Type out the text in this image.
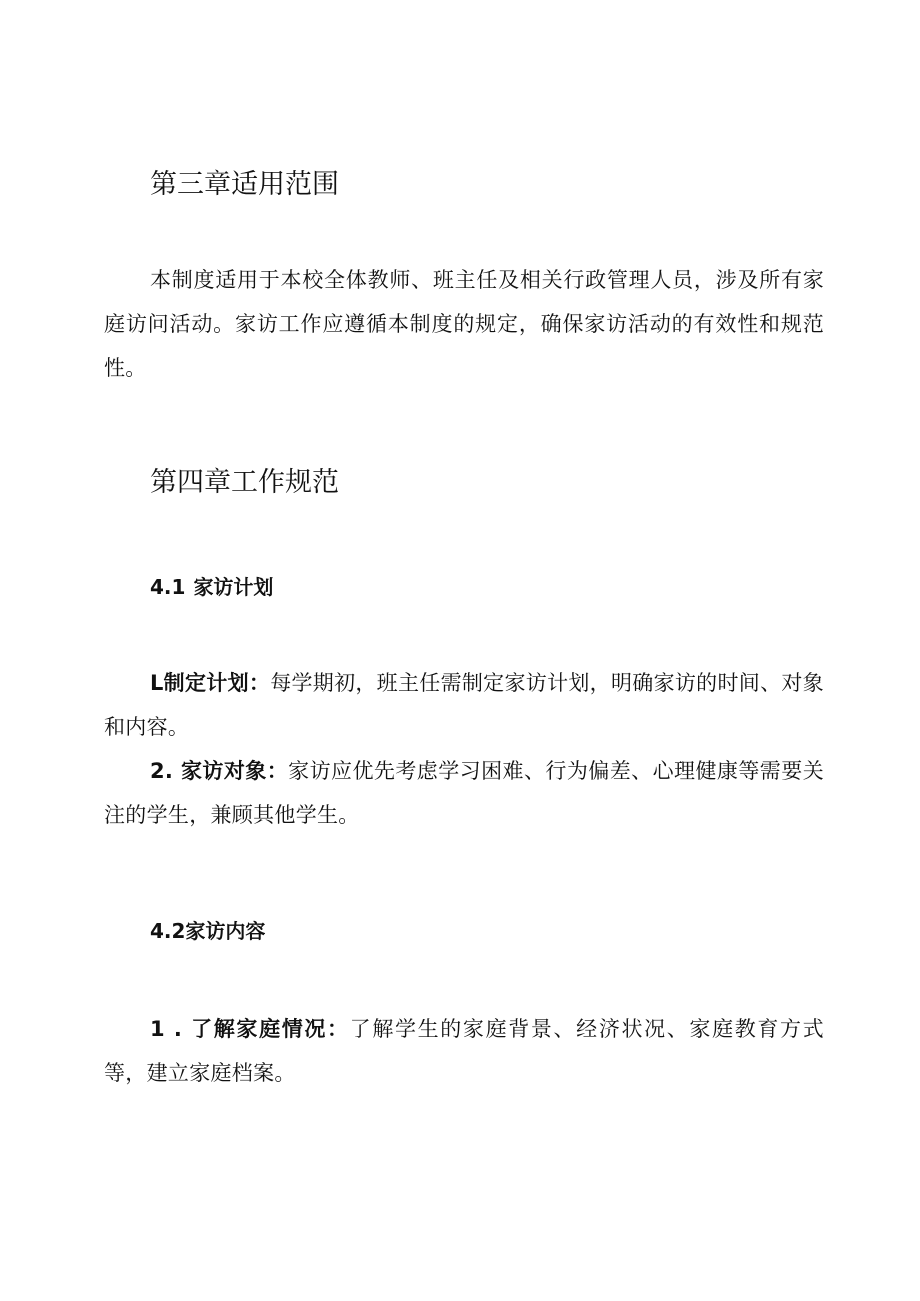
第三章适用范围

本制度适用于本校全体教师、班主任及相关行政管理人员，涉及所有家庭访问活动。家访工作应遵循本制度的规定，确保家访活动的有效性和规范性。

第四章工作规范
4.1 家访计划

L制定计划：每学期初，班主任需制定家访计划，明确家访的时间、对象和内容。

2. 家访对象：家访应优先考虑学习困难、行为偏差、心理健康等需要关注的学生，兼顾其他学生。

4.2家访内容

1 . 了解家庭情况：了解学生的家庭背景、经济状况、家庭教育方式等，建立家庭档案。
